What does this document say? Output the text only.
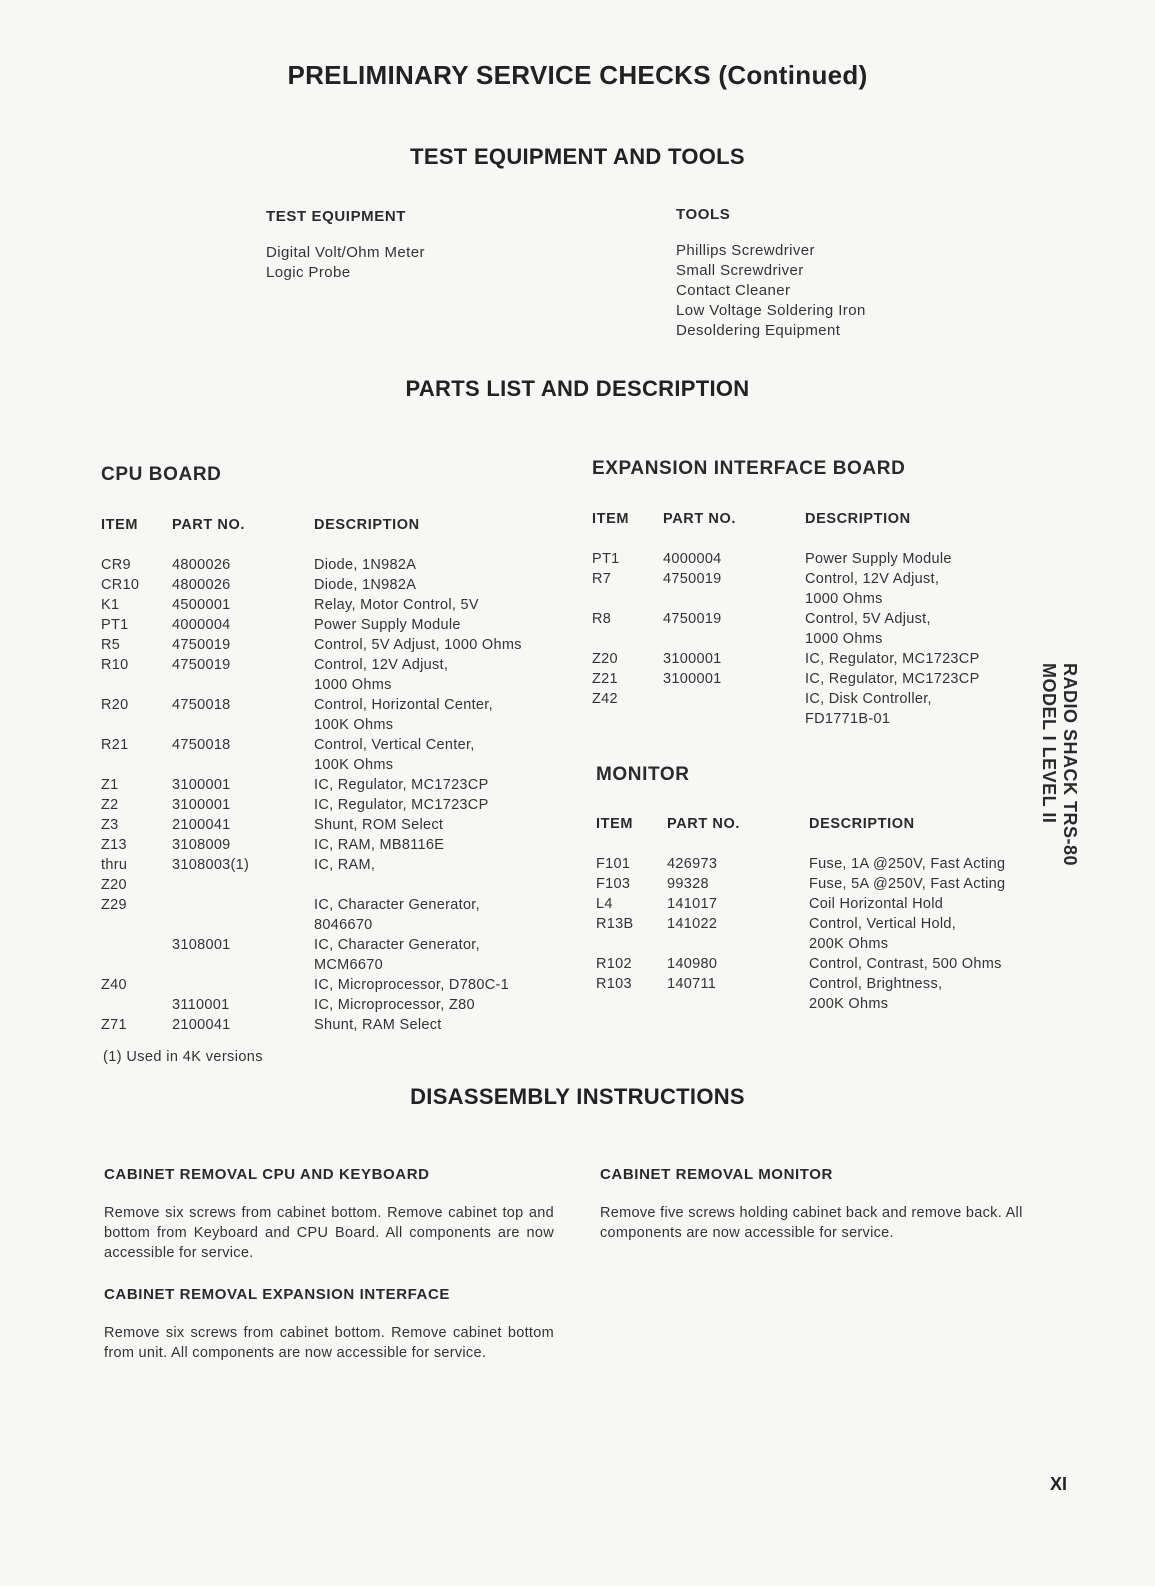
PRELIMINARY SERVICE CHECKS (Continued)
TEST EQUIPMENT AND TOOLS
TEST EQUIPMENT
Digital Volt/Ohm Meter
Logic Probe
TOOLS
Phillips Screwdriver
Small Screwdriver
Contact Cleaner
Low Voltage Soldering Iron
Desoldering Equipment
PARTS LIST AND DESCRIPTION
CPU BOARD
ITEM	PART NO.	DESCRIPTION
CR9	4800026	Diode, 1N982A
CR10	4800026	Diode, 1N982A
K1	4500001	Relay, Motor Control, 5V
PT1	4000004	Power Supply Module
R5	4750019	Control, 5V Adjust, 1000 Ohms
R10	4750019	Control, 12V Adjust,
		1000 Ohms
R20	4750018	Control, Horizontal Center,
		100K Ohms
R21	4750018	Control, Vertical Center,
		100K Ohms
Z1	3100001	IC, Regulator, MC1723CP
Z2	3100001	IC, Regulator, MC1723CP
Z3	2100041	Shunt, ROM Select
Z13	3108009	IC, RAM, MB8116E
thru	3108003(1)	IC, RAM,
Z20		
Z29		IC, Character Generator,
		8046670
	3108001	IC, Character Generator,
		MCM6670
Z40		IC, Microprocessor, D780C-1
	3110001	IC, Microprocessor, Z80
Z71	2100041	Shunt, RAM Select
(1) Used in 4K versions
EXPANSION INTERFACE BOARD
ITEM	PART NO.	DESCRIPTION
PT1	4000004	Power Supply Module
R7	4750019	Control, 12V Adjust,
		1000 Ohms
R8	4750019	Control, 5V Adjust,
		1000 Ohms
Z20	3100001	IC, Regulator, MC1723CP
Z21	3100001	IC, Regulator, MC1723CP
Z42		IC, Disk Controller,
		FD1771B-01
MONITOR
ITEM	PART NO.	DESCRIPTION
F101	426973	Fuse, 1A @250V, Fast Acting
F103	99328	Fuse, 5A @250V, Fast Acting
L4	141017	Coil Horizontal Hold
R13B	141022	Control, Vertical Hold,
		200K Ohms
R102	140980	Control, Contrast, 500 Ohms
R103	140711	Control, Brightness,
		200K Ohms
RADIO SHACK TRS-80
MODEL I LEVEL II
DISASSEMBLY INSTRUCTIONS
CABINET REMOVAL CPU AND KEYBOARD
Remove six screws from cabinet bottom. Remove cabinet top and bottom from Keyboard and CPU Board. All components are now accessible for service.
CABINET REMOVAL EXPANSION INTERFACE
Remove six screws from cabinet bottom. Remove cabinet bottom from unit. All components are now accessible for service.
CABINET REMOVAL MONITOR
Remove five screws holding cabinet back and remove back. All components are now accessible for service.
XI
